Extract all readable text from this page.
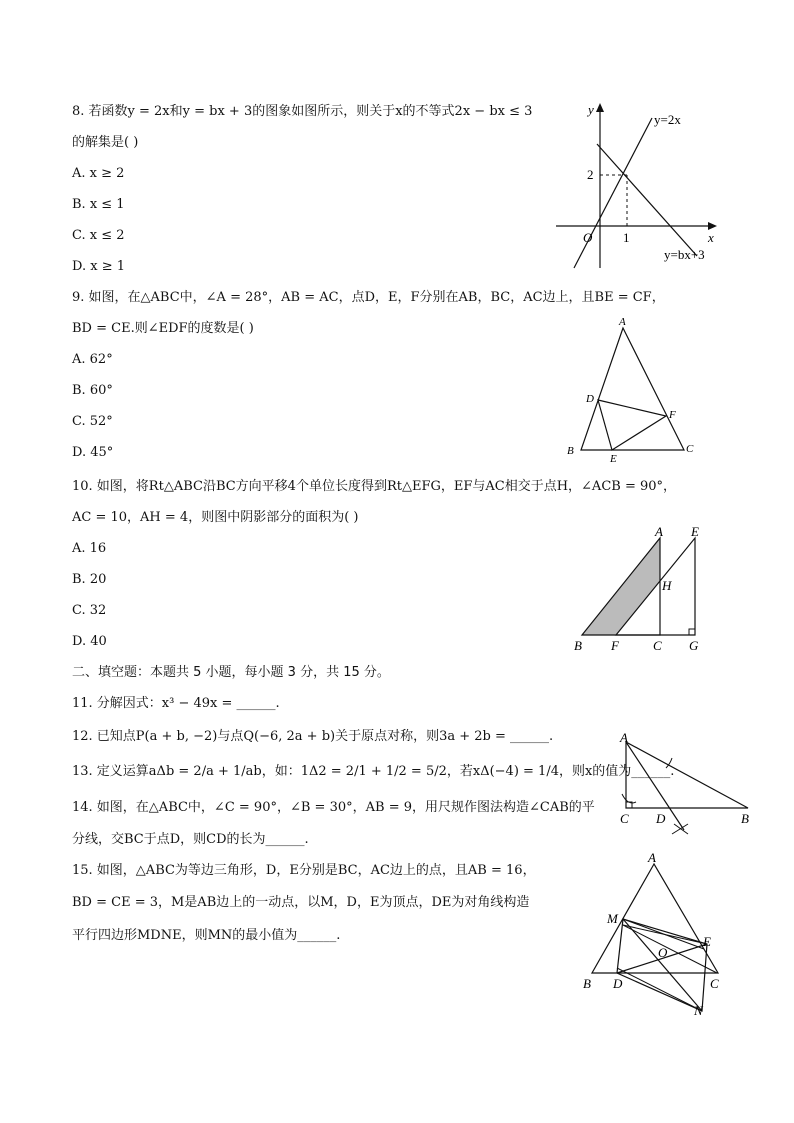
8. 若函数y = 2x和y = bx + 3的图象如图所示，则关于x的不等式2x − bx ≤ 3
的解集是( )
A. x ≥ 2
B. x ≤ 1
C. x ≤ 2
D. x ≥ 1
y
x
O
2
1
y=2x
y=bx+3
9. 如图，在△ABC中，∠A = 28°，AB = AC，点D，E，F分别在AB，BC，AC边上，且BE = CF，
BD = CE.则∠EDF的度数是( )
A. 62°
B. 60°
C. 52°
D. 45°
A
B	C
D
E
F
10. 如图，将Rt△ABC沿BC方向平移4个单位长度得到Rt△EFG，EF与AC相交于点H，∠ACB = 90°，
AC = 10，AH = 4，则图中阴影部分的面积为( )
A. 16
B. 20
C. 32
D. 40
A E
H
B F	C G
二、填空题：本题共 5 小题，每小题 3 分，共 15 分。
11. 分解因式：x³ − 49x = ______.
12. 已知点P(a + b, −2)与点Q(−6, 2a + b)关于原点对称，则3a + 2b = ______.
13. 定义运算aΔb = 2/a + 1/ab，如：1Δ2 = 2/1 + 1/2 = 5/2，若xΔ(−4) = 1/4，则x的值为______.
14. 如图，在△ABC中，∠C = 90°，∠B = 30°，AB = 9，用尺规作图法构造∠CAB的平
分线，交BC于点D，则CD的长为______.
A
C D	B
15. 如图，△ABC为等边三角形，D，E分别是BC，AC边上的点，且AB = 16，
BD = CE = 3，M是AB边上的一动点，以M，D，E为顶点，DE为对角线构造
平行四边形MDNE，则MN的最小值为______.
A
M
E
O
B D	C
N
